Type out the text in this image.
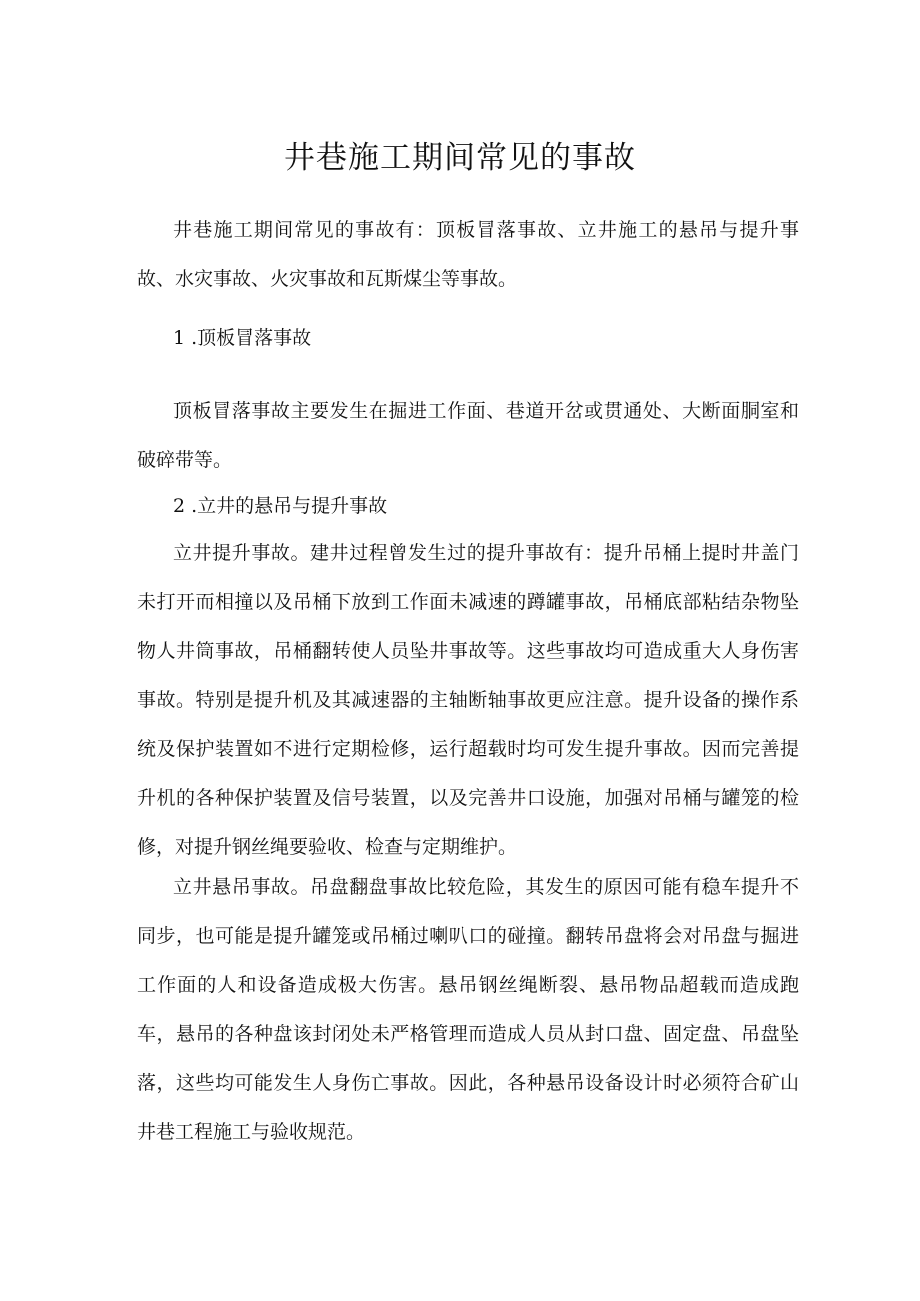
井巷施工期间常见的事故

井巷施工期间常见的事故有：顶板冒落事故、立井施工的悬吊与提升事故、水灾事故、火灾事故和瓦斯煤尘等事故。

1 .顶板冒落事故

顶板冒落事故主要发生在掘进工作面、巷道开岔或贯通处、大断面胴室和破碎带等。

2 .立井的悬吊与提升事故

立井提升事故。建井过程曾发生过的提升事故有：提升吊桶上提时井盖门未打开而相撞以及吊桶下放到工作面未减速的蹲罐事故，吊桶底部粘结杂物坠物人井筒事故，吊桶翻转使人员坠井事故等。这些事故均可造成重大人身伤害事故。特别是提升机及其减速器的主轴断轴事故更应注意。提升设备的操作系统及保护装置如不进行定期检修，运行超载时均可发生提升事故。因而完善提升机的各种保护装置及信号装置，以及完善井口设施，加强对吊桶与罐笼的检修，对提升钢丝绳要验收、检查与定期维护。

立井悬吊事故。吊盘翻盘事故比较危险，其发生的原因可能有稳车提升不同步，也可能是提升罐笼或吊桶过喇叭口的碰撞。翻转吊盘将会对吊盘与掘进工作面的人和设备造成极大伤害。悬吊钢丝绳断裂、悬吊物品超载而造成跑车，悬吊的各种盘该封闭处未严格管理而造成人员从封口盘、固定盘、吊盘坠落，这些均可能发生人身伤亡事故。因此，各种悬吊设备设计时必须符合矿山井巷工程施工与验收规范。
